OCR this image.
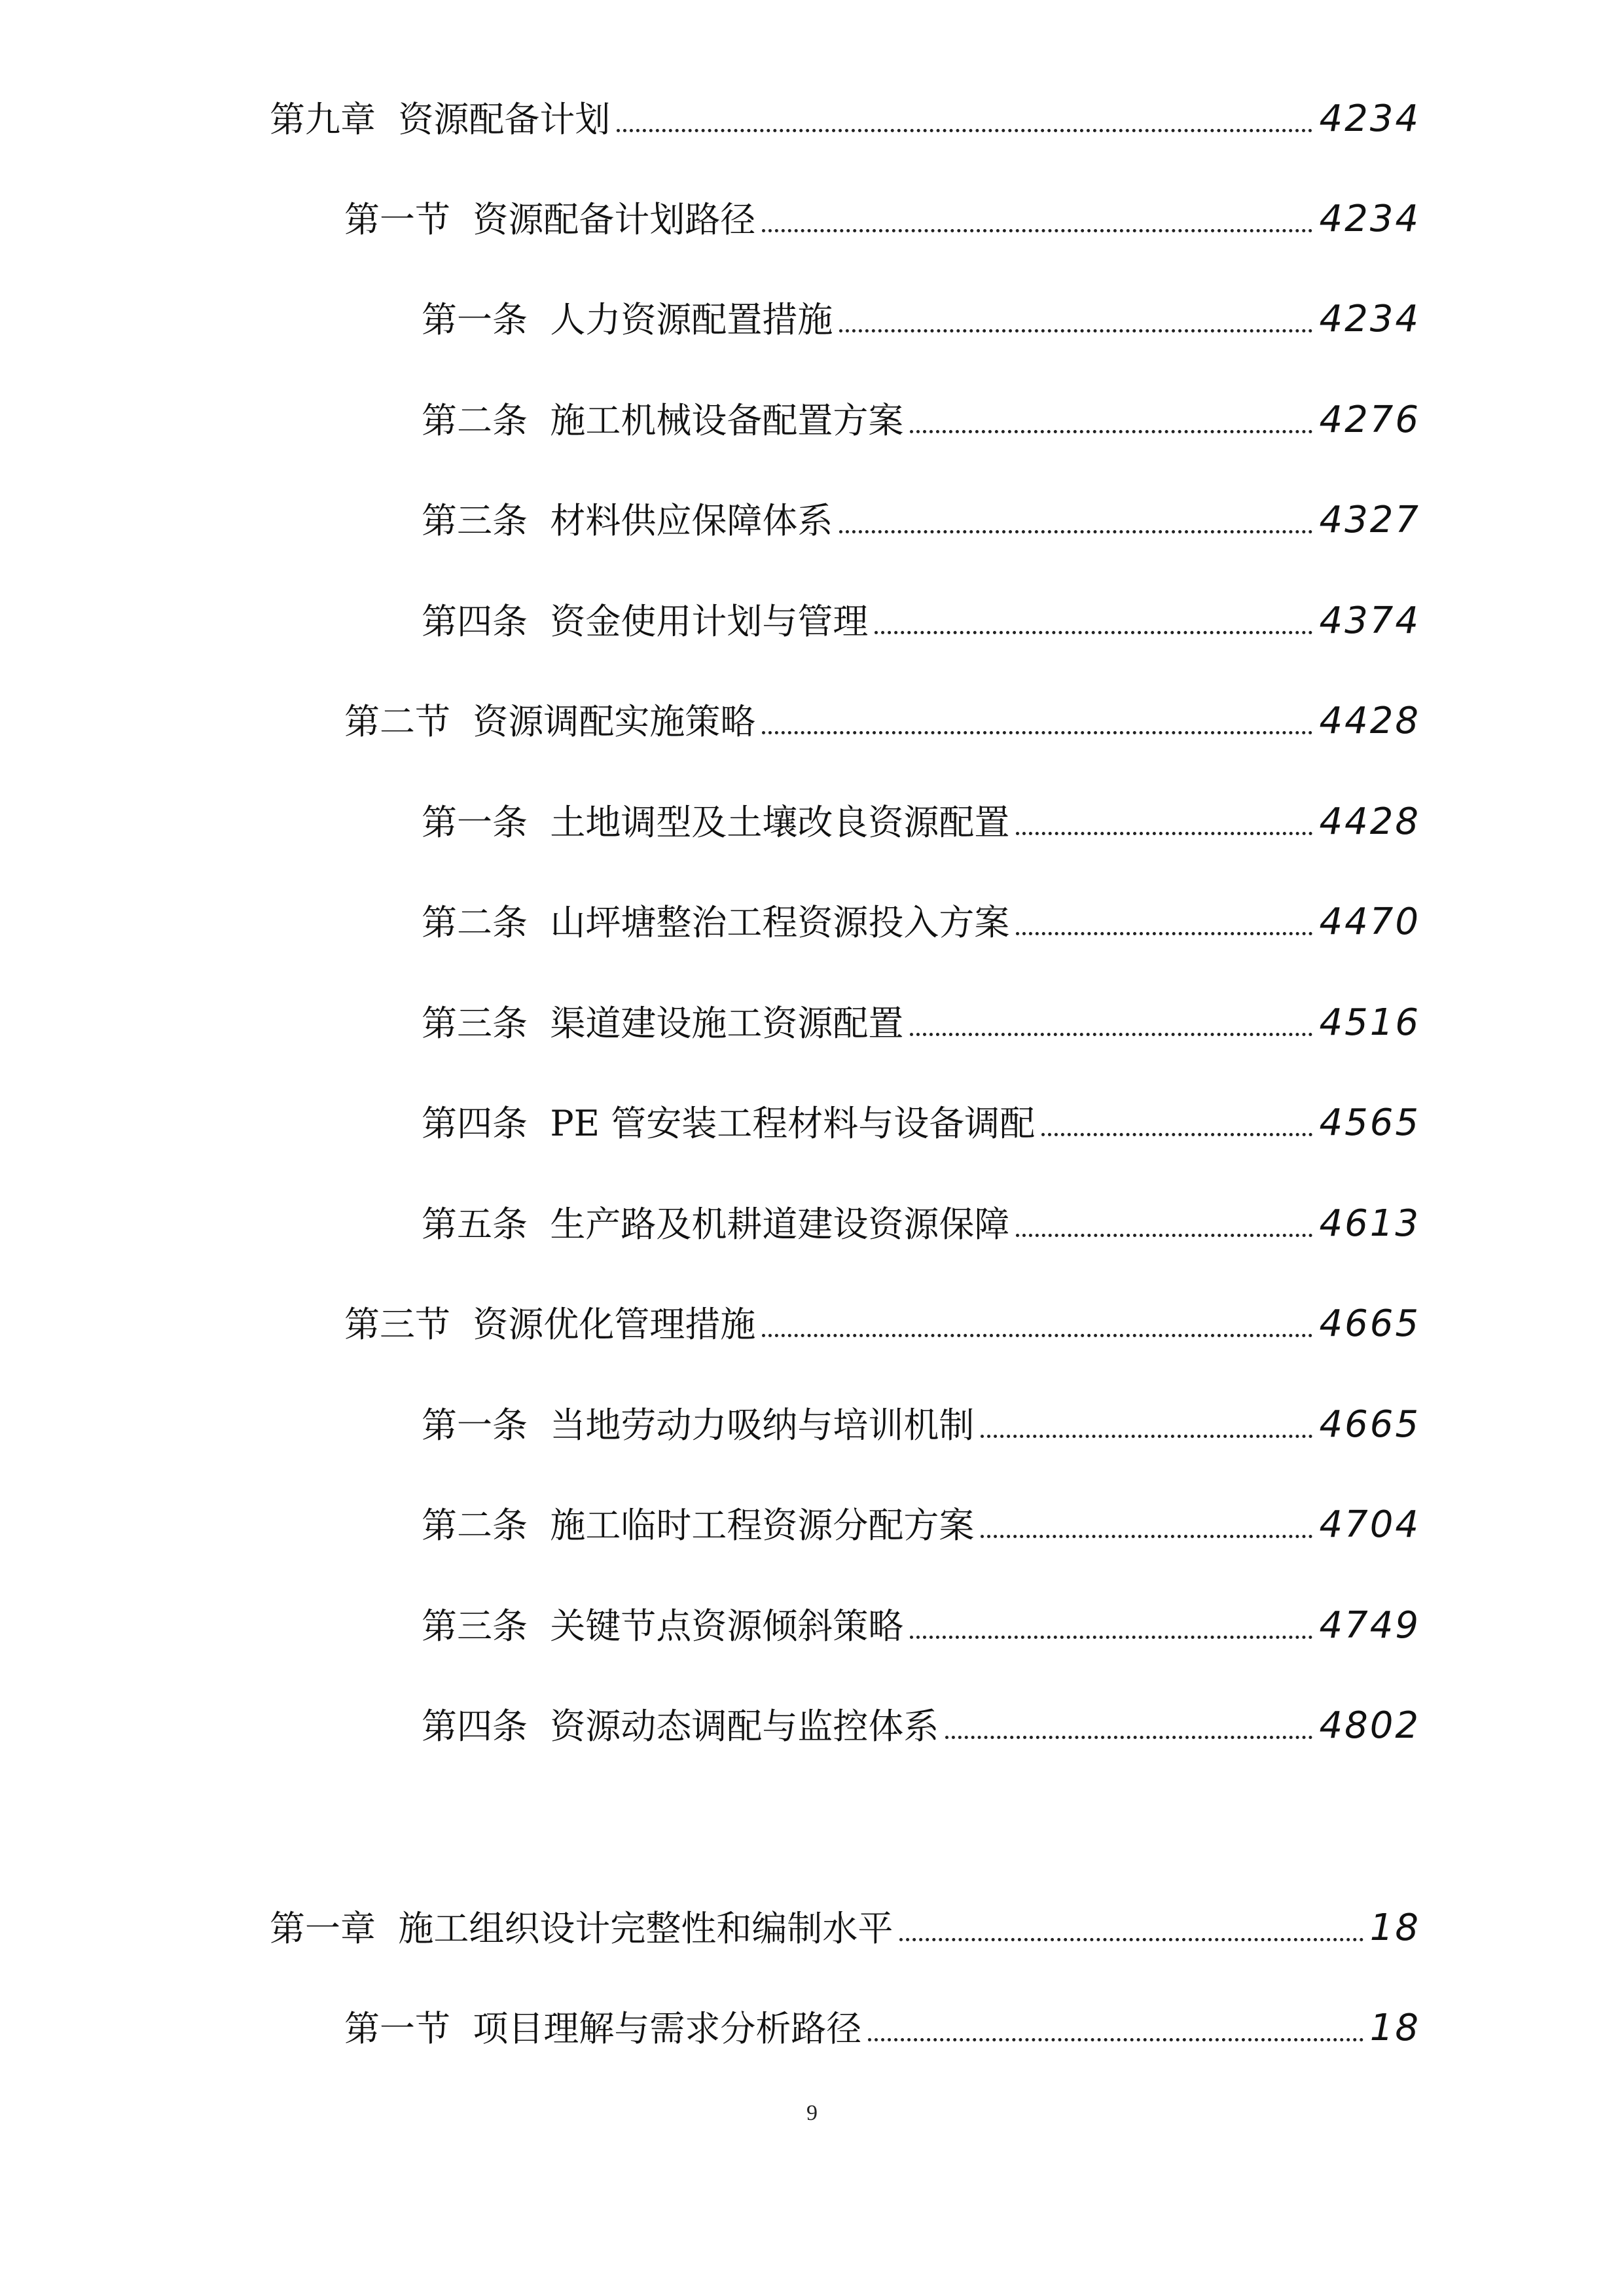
第九章 资源配备计划	4234
第一节 资源配备计划路径	4234
第一条 人力资源配置措施	4234
第二条 施工机械设备配置方案	4276
第三条 材料供应保障体系	4327
第四条 资金使用计划与管理	4374
第二节 资源调配实施策略	4428
第一条 土地调型及土壤改良资源配置	4428
第二条 山坪塘整治工程资源投入方案	4470
第三条 渠道建设施工资源配置	4516
第四条 PE 管安装工程材料与设备调配	4565
第五条 生产路及机耕道建设资源保障	4613
第三节 资源优化管理措施	4665
第一条 当地劳动力吸纳与培训机制	4665
第二条 施工临时工程资源分配方案	4704
第三条 关键节点资源倾斜策略	4749
第四条 资源动态调配与监控体系	4802
第一章 施工组织设计完整性和编制水平	18
第一节 项目理解与需求分析路径	18
9
